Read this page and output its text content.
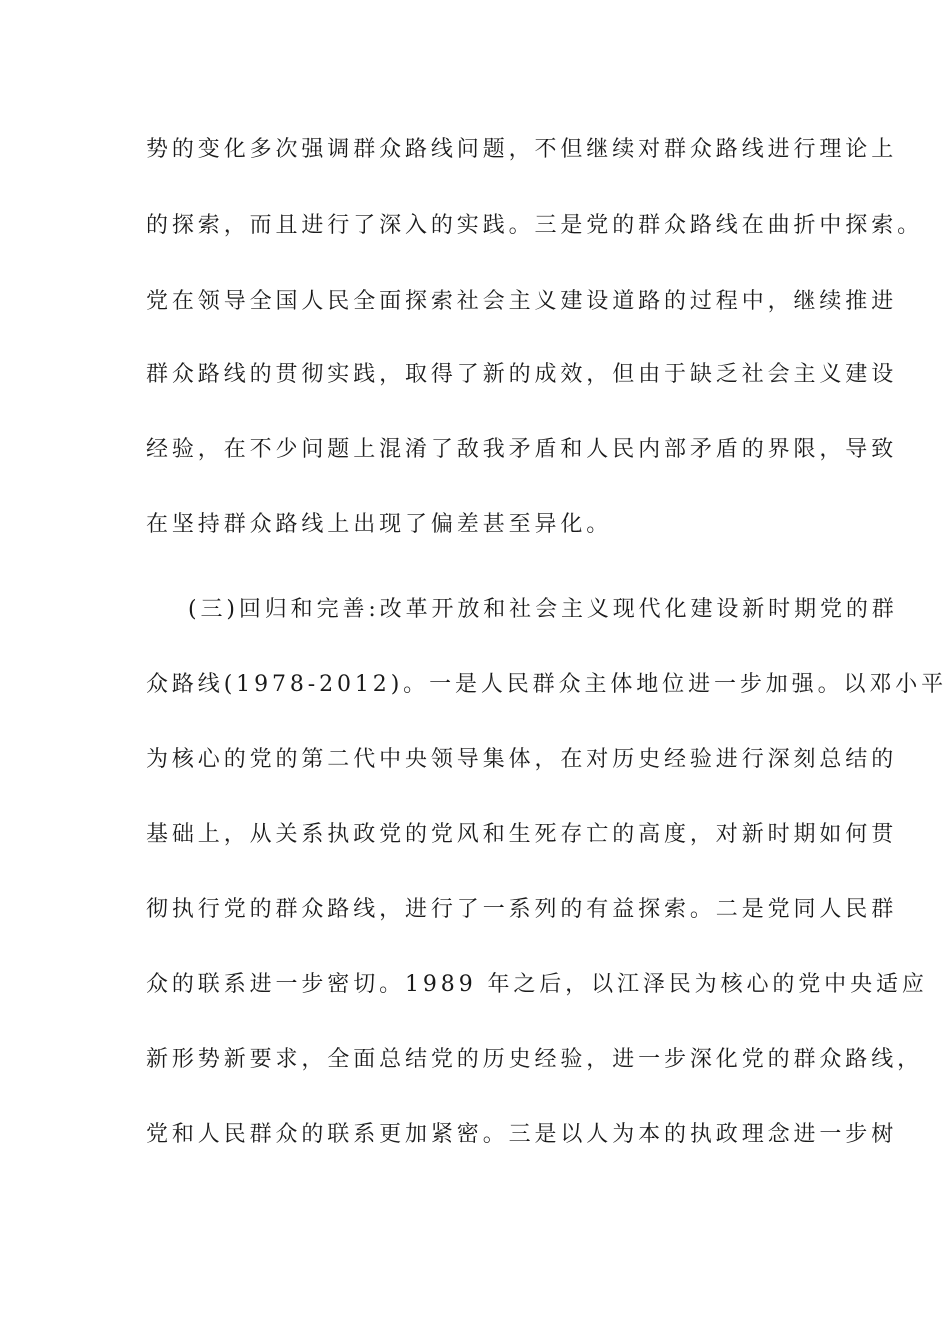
势的变化多次强调群众路线问题，不但继续对群众路线进行理论上
的探索，而且进行了深入的实践。三是党的群众路线在曲折中探索。
党在领导全国人民全面探索社会主义建设道路的过程中，继续推进
群众路线的贯彻实践，取得了新的成效，但由于缺乏社会主义建设
经验，在不少问题上混淆了敌我矛盾和人民内部矛盾的界限，导致
在坚持群众路线上出现了偏差甚至异化。
(三)回归和完善:改革开放和社会主义现代化建设新时期党的群
众路线(1978-2012)。一是人民群众主体地位进一步加强。以邓小平
为核心的党的第二代中央领导集体，在对历史经验进行深刻总结的
基础上，从关系执政党的党风和生死存亡的高度，对新时期如何贯
彻执行党的群众路线，进行了一系列的有益探索。二是党同人民群
众的联系进一步密切。1989 年之后，以江泽民为核心的党中央适应
新形势新要求，全面总结党的历史经验，进一步深化党的群众路线，
党和人民群众的联系更加紧密。三是以人为本的执政理念进一步树
